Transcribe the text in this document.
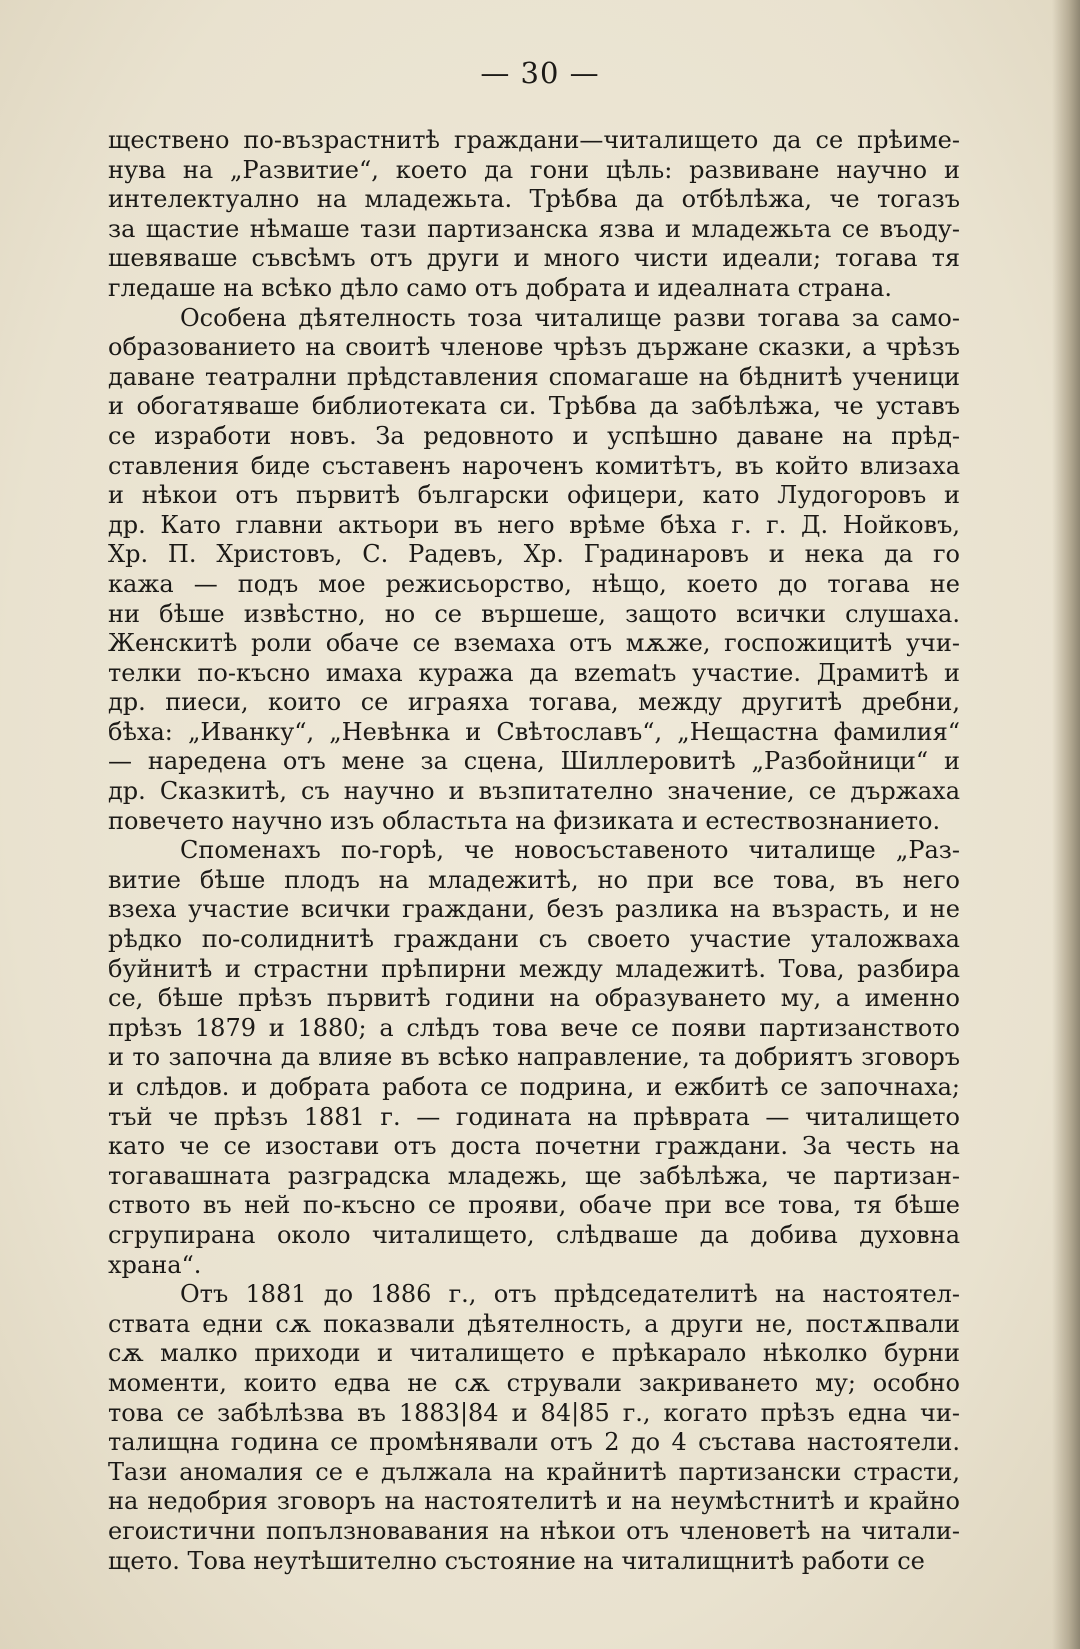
— 30 —
щественo по-възрастнитѣ граждани—читалището да се прѣиме-
нува на „Развитие“, което да гони цѣль: развиване научно и
интелектуално на младежьта. Трѣбва да отбѣлѣжа, че тогазъ
за щастие нѣмаше тази партизанска язва и младежьта се въоду-
шевяваше съвсѣмъ отъ други и много чисти идеали; тогава тя
гледаше на всѣко дѣло само отъ добрата и идеалната страна.
Особена дѣятелность тоза читалище разви тогава за само-
образованието на своитѣ членове чрѣзъ държане сказки, а чрѣзъ
даване театрални прѣдставления спомагаше на бѣднитѣ ученици
и обогатяваше библиотеката си. Трѣбва да забѣлѣжа, че уставъ
се изработи новъ. За редовното и успѣшно даване на прѣд-
ставления биде съставенъ нароченъ комитѣтъ, въ който влизаха
и нѣкои отъ първитѣ български офицери, като Лудогоровъ и
др. Като главни актьори въ него врѣме бѣха г. г. Д. Нойковъ,
Хр. П. Христовъ, С. Радевъ, Хр. Градинаровъ и нека да го
кажа — подъ мое режисьорство, нѣщо, което до тогава не
ни бѣше извѣстно, но се вършеше, защото всички слушаха.
Женскитѣ роли обаче се вземаха отъ мѫже, госпожицитѣ учи-
телки по-късно имаха куража да вzematъ участие. Драмитѣ и
др. пиеси, които се играяха тогава, между другитѣ дребни,
бѣха: „Иванку“, „Невѣнка и Свѣтославъ“, „Нещастна фамилия“
— наредена отъ мене за сцена, Шиллеровитѣ „Разбойници“ и
др. Сказкитѣ, съ научно и възпитателно значение, се държаха
повечето научно изъ областьта на физиката и естествознанието.
Споменахъ по-горѣ, че новосъставеното читалище „Раз-
витие бѣше плодъ на младежитѣ, но при все това, въ него
взеха участие всички граждани, безъ разлика на възрасть, и не
рѣдко по-солиднитѣ граждани съ своето участие уталожваха
буйнитѣ и страстни прѣпирни между младежитѣ. Това, разбира
се, бѣше прѣзъ първитѣ години на образуването му, а именно
прѣзъ 1879 и 1880; а слѣдъ това вече се появи партизанството
и то започна да влияе въ всѣко направление, та добриятъ зговоръ
и слѣдов. и добрата работа се подрина, и ежбитѣ се започнаха;
тъй че прѣзъ 1881 г. — годината на прѣврата — читалището
като че се изостави отъ доста почетни граждани. За честь на
тогавашната разградска младежь, ще забѣлѣжа, че партизан-
ството въ ней по-късно се прояви, обаче при все това, тя бѣше
сгрупирана около читалището, слѣдваше да добива духовна
храна“.
Отъ 1881 до 1886 г., отъ прѣдседателитѣ на настоятел-
ствата едни сѫ показвали дѣятелность, а други не, постѫпвали
сѫ малко приходи и читалището е прѣкарало нѣколко бурни
моменти, които едва не сѫ стрували закриването му; особно
това се забѣлѣзва въ 1883|84 и 84|85 г., когато прѣзъ една чи-
талищна година се промѣнявали отъ 2 до 4 състава настоятели.
Тази аномалия се е дължала на крайнитѣ партизански страсти,
на недобрия зговоръ на настоятелитѣ и на неумѣстнитѣ и крайно
егоистични попълзновавания на нѣкои отъ членоветѣ на читали-
щето. Това неутѣшително състояние на читалищнитѣ работи се
